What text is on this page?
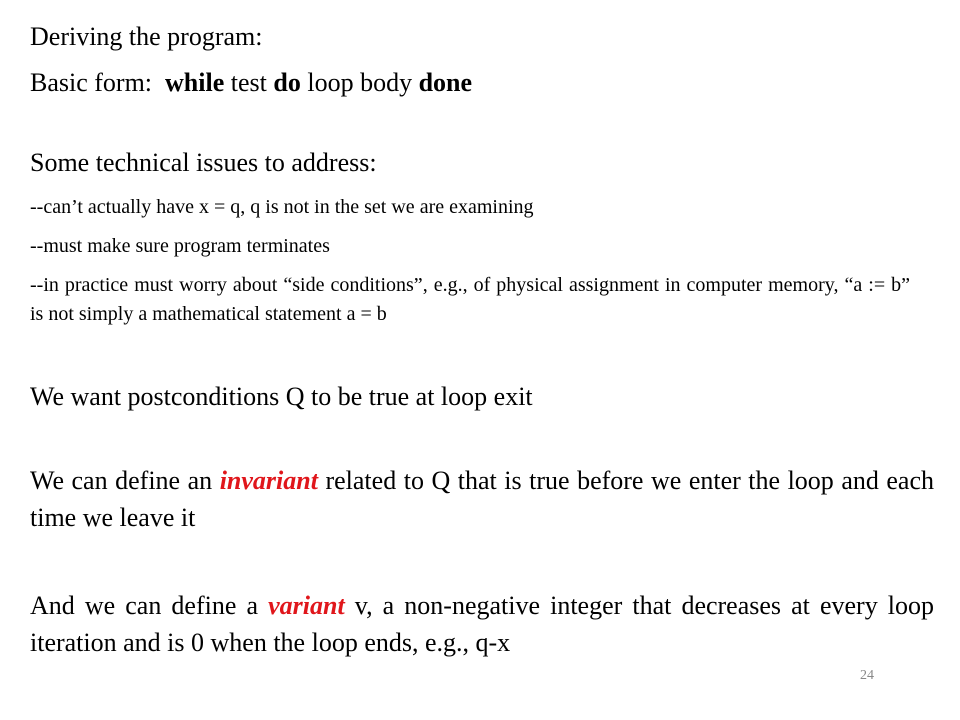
Deriving the program:
Basic form: while test do loop body done
Some technical issues to address:
--can’t actually have x = q, q is not in the set we are examining
--must make sure program terminates
--in practice must worry about “side conditions”, e.g., of physical assignment in computer memory, “a := b” is not simply a mathematical statement a = b
We want postconditions Q to be true at loop exit
We can define an invariant related to Q that is true before we enter the loop and each time we leave it
And we can define a variant v, a non-negative integer that decreases at every loop iteration and is 0 when the loop ends, e.g., q-x
24
